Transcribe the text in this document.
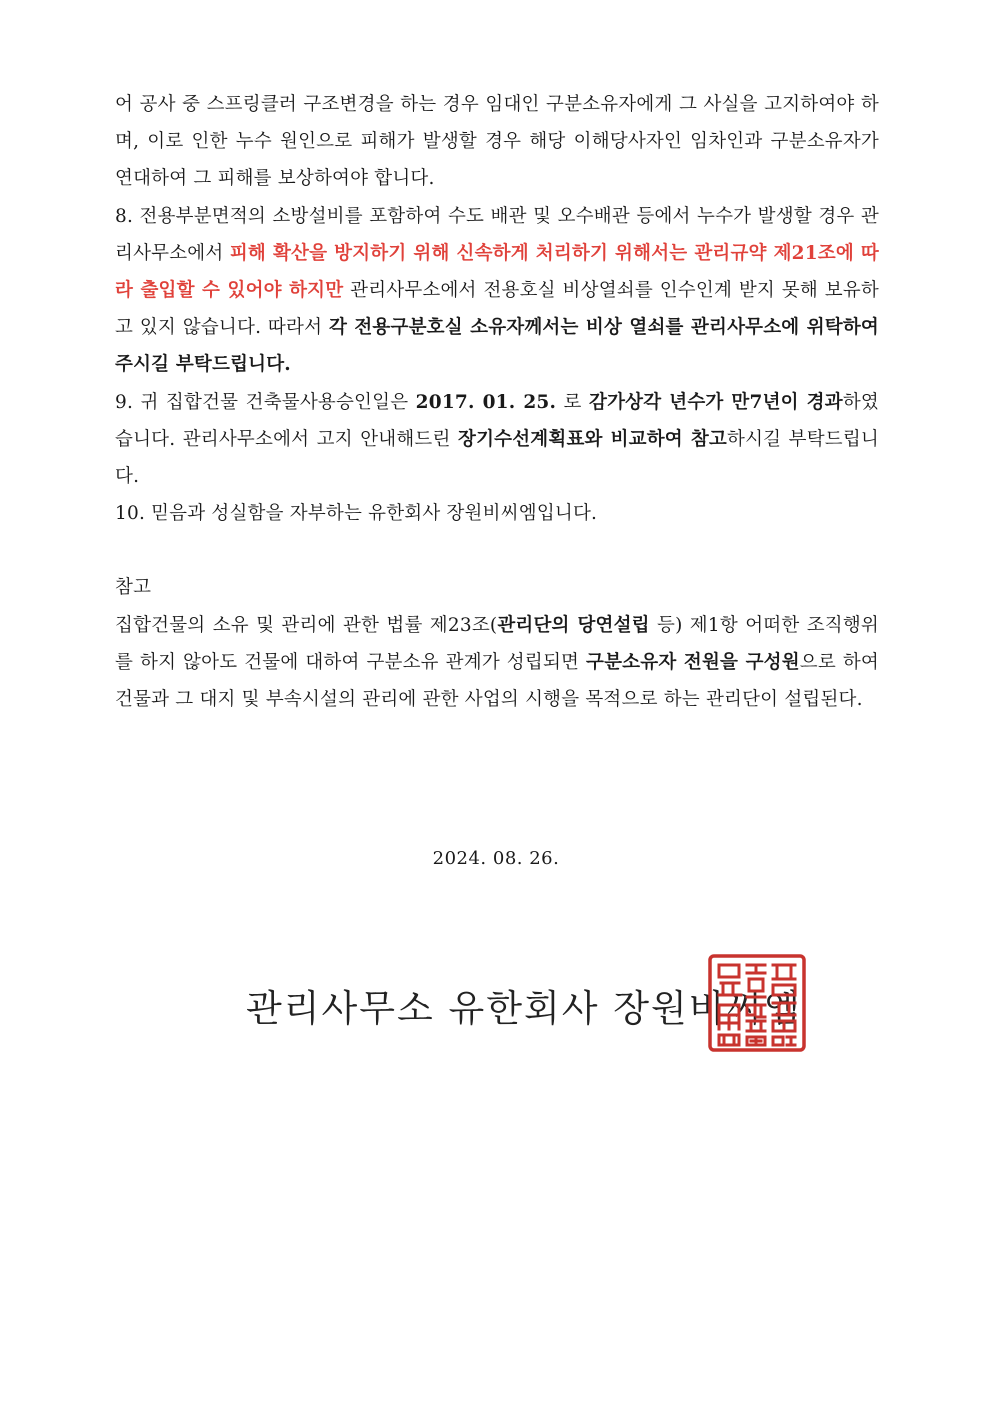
어 공사 중 스프링클러 구조변경을 하는 경우 임대인 구분소유자에게 그 사실을 고지하여야 하며, 이로 인한 누수 원인으로 피해가 발생할 경우 해당 이해당사자인 임차인과 구분소유자가 연대하여 그 피해를 보상하여야 합니다.

8. 전용부분면적의 소방설비를 포함하여 수도 배관 및 오수배관 등에서 누수가 발생할 경우 관리사무소에서 피해 확산을 방지하기 위해 신속하게 처리하기 위해서는 관리규약 제21조에 따라 출입할 수 있어야 하지만 관리사무소에서 전용호실 비상열쇠를 인수인계 받지 못해 보유하고 있지 않습니다. 따라서 각 전용구분호실 소유자께서는 비상 열쇠를 관리사무소에 위탁하여 주시길 부탁드립니다.

9. 귀 집합건물 건축물사용승인일은 2017. 01. 25. 로 감가상각 년수가 만7년이 경과하였습니다. 관리사무소에서 고지 안내해드린 장기수선계획표와 비교하여 참고하시길 부탁드립니다.

10. 믿음과 성실함을 자부하는 유한회사 장원비씨엠입니다.

참고

집합건물의 소유 및 관리에 관한 법률 제23조(관리단의 당연설립 등) 제1항 어떠한 조직행위를 하지 않아도 건물에 대하여 구분소유 관계가 성립되면 구분소유자 전원을 구성원으로 하여 건물과 그 대지 및 부속시설의 관리에 관한 사업의 시행을 목적으로 하는 관리단이 설립된다.

2024. 08. 26.
관리사무소 유한회사 장원비씨엠
